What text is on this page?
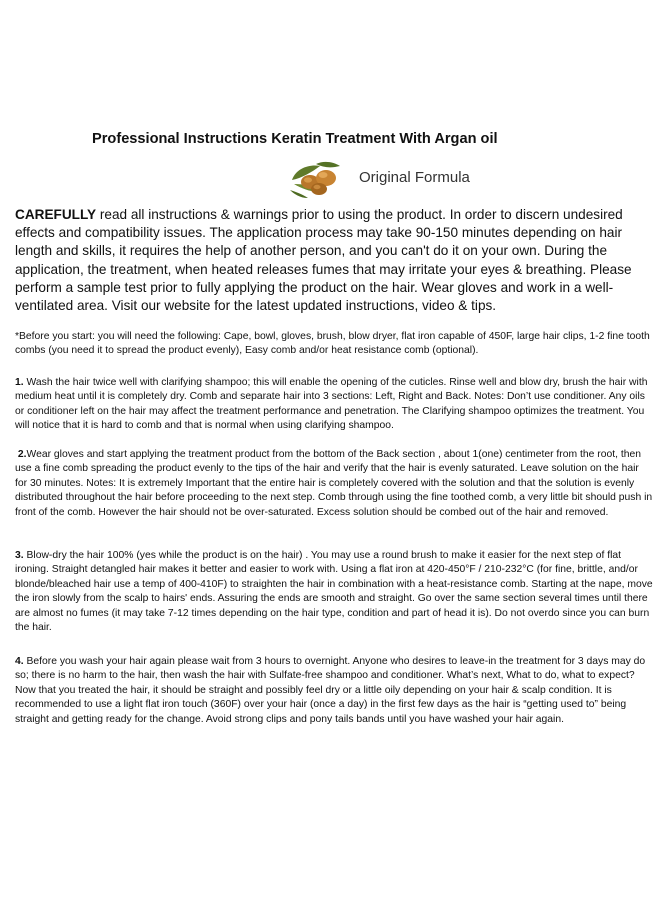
Professional Instructions Keratin Treatment With Argan oil
Original Formula

CAREFULLY read all instructions & warnings prior to using the product. In order to discern undesired effects and compatibility issues. The application process may take 90-150 minutes depending on hair length and skills, it requires the help of another person, and you can't do it on your own. During the application, the treatment, when heated releases fumes that may irritate your eyes & breathing. Please perform a sample test prior to fully applying the product on the hair. Wear gloves and work in a well-ventilated area. Visit our website for the latest updated instructions, video & tips.

*Before you start: you will need the following: Cape, bowl, gloves, brush, blow dryer, flat iron capable of 450F, large hair clips, 1-2 fine tooth combs (you need it to spread the product evenly), Easy comb and/or heat resistance comb (optional).

1. Wash the hair twice well with clarifying shampoo; this will enable the opening of the cuticles. Rinse well and blow dry, brush the hair with medium heat until it is completely dry. Comb and separate hair into 3 sections: Left, Right and Back. Notes: Don’t use conditioner. Any oils or conditioner left on the hair may affect the treatment performance and penetration. The Clarifying shampoo optimizes the treatment. You will notice that it is hard to comb and that is normal when using clarifying shampoo.

2.Wear gloves and start applying the treatment product from the bottom of the Back section , about 1(one) centimeter from the root, then use a fine comb spreading the product evenly to the tips of the hair and verify that the hair is evenly saturated. Leave solution on the hair for 30 minutes. Notes: It is extremely Important that the entire hair is completely covered with the solution and that the solution is evenly distributed throughout the hair before proceeding to the next step. Comb through using the fine toothed comb, a very little bit should push in front of the comb. However the hair should not be over-saturated. Excess solution should be combed out of the hair and removed.

3. Blow-dry the hair 100% (yes while the product is on the hair) . You may use a round brush to make it easier for the next step of flat ironing. Straight detangled hair makes it better and easier to work with. Using a flat iron at 420-450°F / 210-232°C (for fine, brittle, and/or blonde/bleached hair use a temp of 400-410F) to straighten the hair in combination with a heat-resistance comb. Starting at the nape, move the iron slowly from the scalp to hairs' ends. Assuring the ends are smooth and straight. Go over the same section several times until there are almost no fumes (it may take 7-12 times depending on the hair type, condition and part of head it is). Do not overdo since you can burn the hair.

4. Before you wash your hair again please wait from 3 hours to overnight. Anyone who desires to leave-in the treatment for 3 days may do so; there is no harm to the hair, then wash the hair with Sulfate-free shampoo and conditioner. What’s next, What to do, what to expect? Now that you treated the hair, it should be straight and possibly feel dry or a little oily depending on your hair & scalp condition. It is recommended to use a light flat iron touch (360F) over your hair (once a day) in the first few days as the hair is “getting used to” being straight and getting ready for the change. Avoid strong clips and pony tails bands until you have washed your hair again.
